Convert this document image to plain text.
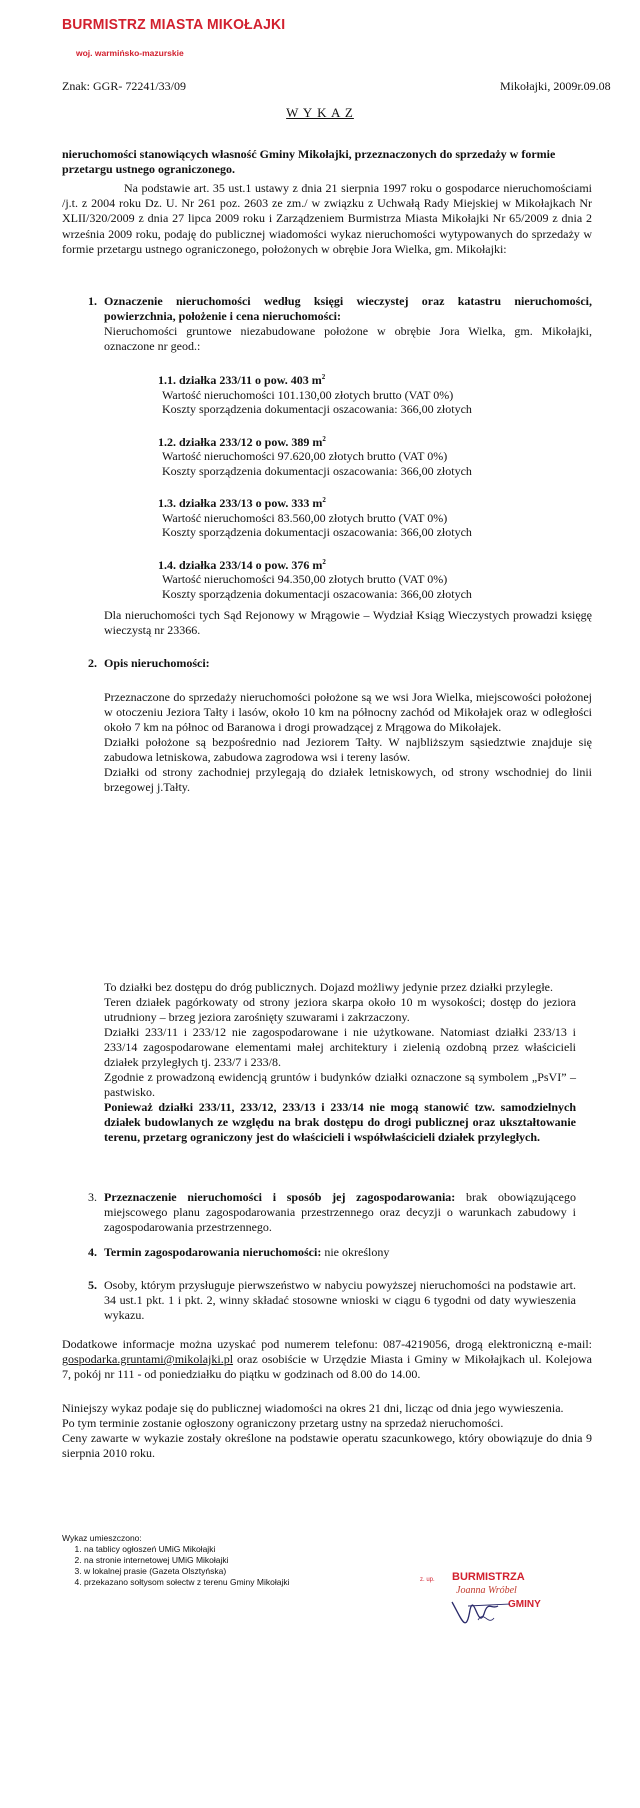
BURMISTRZ MIASTA MIKOŁAJKI
woj. warmińsko-mazurskie
Znak: GGR- 72241/33/09	Mikołajki, 2009r.09.08
W Y K A Z
nieruchomości stanowiących własność Gminy Mikołajki, przeznaczonych do sprzedaży w formie przetargu ustnego ograniczonego.

Na podstawie art. 35 ust.1 ustawy z dnia 21 sierpnia 1997 roku o gospodarce nieruchomościami /j.t. z 2004 roku Dz. U. Nr 261 poz. 2603 ze zm./ w związku z Uchwałą Rady Miejskiej w Mikołajkach Nr XLII/320/2009 z dnia 27 lipca 2009 roku i Zarządzeniem Burmistrza Miasta Mikołajki Nr 65/2009 z dnia 2 września 2009 roku, podaję do publicznej wiadomości wykaz nieruchomości wytypowanych do sprzedaży w formie przetargu ustnego ograniczonego, położonych w obrębie Jora Wielka, gm. Mikołajki:

1. Oznaczenie nieruchomości według księgi wieczystej oraz katastru nieruchomości, powierzchnia, położenie i cena nieruchomości:
Nieruchomości gruntowe niezabudowane położone w obrębie Jora Wielka, gm. Mikołajki, oznaczone nr geod.:
1.1. działka 233/11 o pow. 403 $m^2$
Wartość nieruchomości 101.130,00 złotych brutto (VAT 0%)
Koszty sporządzenia dokumentacji oszacowania: 366,00 złotych
1.2. działka 233/12 o pow. 389 $m^2$
Wartość nieruchomości 97.620,00 złotych brutto (VAT 0%)
Koszty sporządzenia dokumentacji oszacowania: 366,00 złotych
1.3. działka 233/13 o pow. 333 $m^2$
Wartość nieruchomości 83.560,00 złotych brutto (VAT 0%)
Koszty sporządzenia dokumentacji oszacowania: 366,00 złotych
1.4. działka 233/14 o pow. 376 $m^2$
Wartość nieruchomości 94.350,00 złotych brutto (VAT 0%)
Koszty sporządzenia dokumentacji oszacowania: 366,00 złotych
Dla nieruchomości tych Sąd Rejonowy w Mrągowie – Wydział Ksiąg Wieczystych prowadzi księgę wieczystą nr 23366.
2. Opis nieruchomości:
Przeznaczone do sprzedaży nieruchomości położone są we wsi Jora Wielka, miejscowości położonej w otoczeniu Jeziora Tałty i lasów, około 10 km na północny zachód od Mikołajek oraz w odległości około 7 km na północ od Baranowa i drogi prowadzącej z Mrągowa do Mikołajek.
Działki położone są bezpośrednio nad Jeziorem Tałty. W najbliższym sąsiedztwie znajduje się zabudowa letniskowa, zabudowa zagrodowa wsi i tereny lasów.
Działki od strony zachodniej przylegają do działek letniskowych, od strony wschodniej do linii brzegowej j.Tałty.
To działki bez dostępu do dróg publicznych. Dojazd możliwy jedynie przez działki przyległe.
Teren działek pagórkowaty od strony jeziora skarpa około 10 m wysokości; dostęp do jeziora utrudniony – brzeg jeziora zarośnięty szuwarami i zakrzaczony.
Działki 233/11 i 233/12 nie zagospodarowane i nie użytkowane. Natomiast działki 233/13 i 233/14 zagospodarowane elementami małej architektury i zielenią ozdobną przez właścicieli działek przyległych tj. 233/7 i 233/8.
Zgodnie z prowadzoną ewidencją gruntów i budynków działki oznaczone są symbolem „PsVI” – pastwisko.
Ponieważ działki 233/11, 233/12, 233/13 i 233/14 nie mogą stanowić tzw. samodzielnych działek budowlanych ze względu na brak dostępu do drogi publicznej oraz ukształtowanie terenu, przetarg ograniczony jest do właścicieli i współwłaścicieli działek przyległych.
3. Przeznaczenie nieruchomości i sposób jej zagospodarowania: brak obowiązującego miejscowego planu zagospodarowania przestrzennego oraz decyzji o warunkach zabudowy i zagospodarowania przestrzennego.
4. Termin zagospodarowania nieruchomości: nie określony
5. Osoby, którym przysługuje pierwszeństwo w nabyciu powyższej nieruchomości na podstawie art. 34 ust.1 pkt. 1 i pkt. 2, winny składać stosowne wnioski w ciągu 6 tygodni od daty wywieszenia wykazu.
Dodatkowe informacje można uzyskać pod numerem telefonu: 087-4219056, drogą elektroniczną e-mail: gospodarka.gruntami@mikolajki.pl oraz osobiście w Urzędzie Miasta i Gminy w Mikołajkach ul. Kolejowa 7, pokój nr 111 - od poniedziałku do piątku w godzinach od 8.00 do 14.00.
Niniejszy wykaz podaje się do publicznej wiadomości na okres 21 dni, licząc od dnia jego wywieszenia.
Po tym terminie zostanie ogłoszony ograniczony przetarg ustny na sprzedaż nieruchomości.
Ceny zawarte w wykazie zostały określone na podstawie operatu szacunkowego, który obowiązuje do dnia 9 sierpnia 2010 roku.
Wykaz umieszczono:
1. na tablicy ogłoszeń UMiG Mikołajki
2. na stronie internetowej UMiG Mikołajki
3. w lokalnej prasie (Gazeta Olsztyńska)
4. przekazano sołtysom sołectw z terenu Gminy Mikołajki	z. up. BURMISTRZA
Joanna Wróbel
GMINY
